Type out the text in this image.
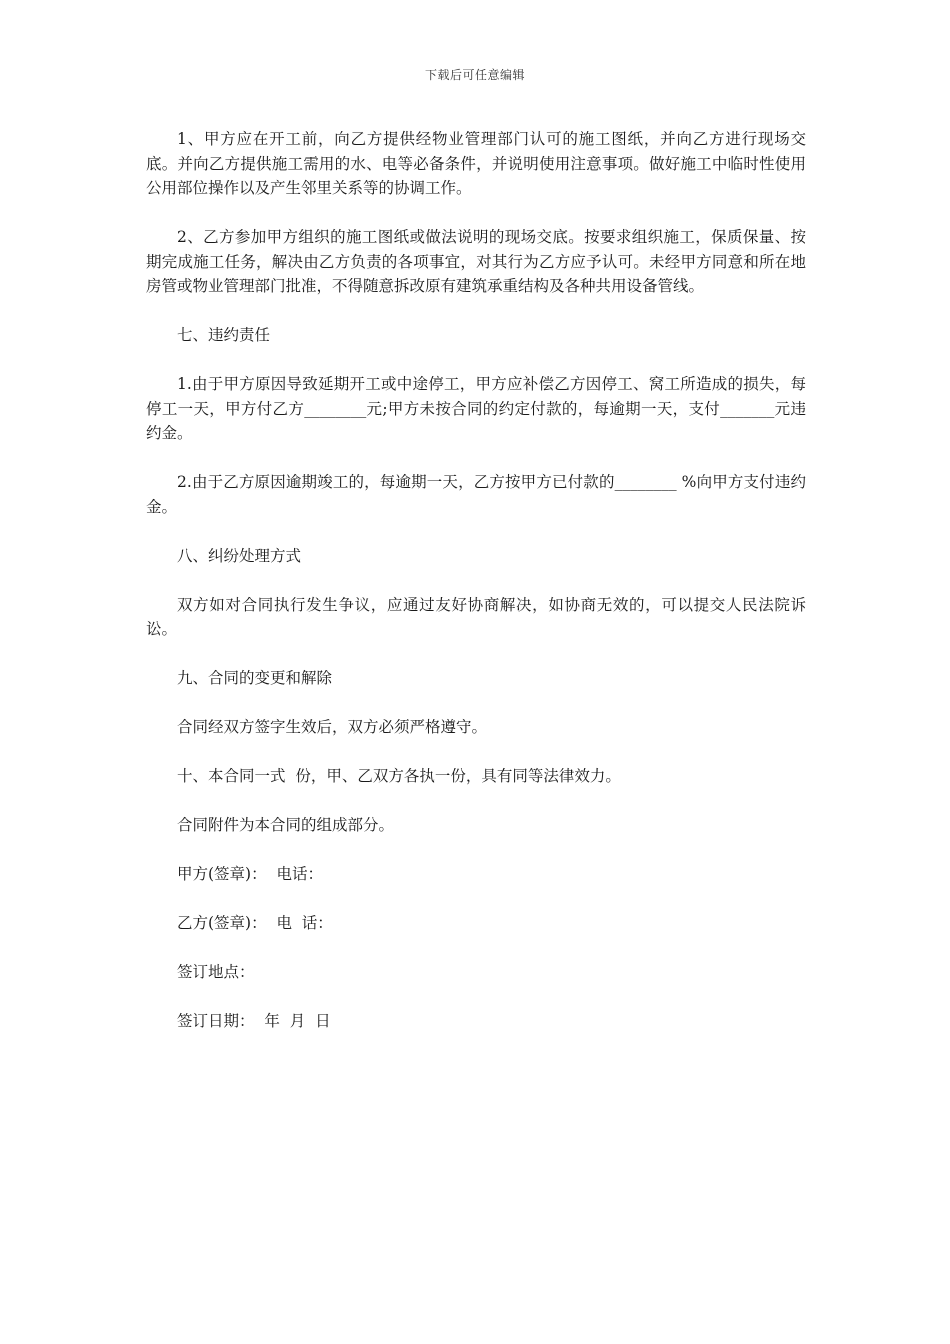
下载后可任意编辑

1、甲方应在开工前，向乙方提供经物业管理部门认可的施工图纸，并向乙方进行现场交底。并向乙方提供施工需用的水、电等必备条件，并说明使用注意事项。做好施工中临时性使用公用部位操作以及产生邻里关系等的协调工作。

2、乙方参加甲方组织的施工图纸或做法说明的现场交底。按要求组织施工，保质保量、按期完成施工任务，解决由乙方负责的各项事宜，对其行为乙方应予认可。未经甲方同意和所在地房管或物业管理部门批准，不得随意拆改原有建筑承重结构及各种共用设备管线。

七、违约责任

1.由于甲方原因导致延期开工或中途停工，甲方应补偿乙方因停工、窝工所造成的损失，每停工一天，甲方付乙方________元;甲方未按合同的约定付款的，每逾期一天，支付_______元违约金。

2.由于乙方原因逾期竣工的，每逾期一天，乙方按甲方已付款的________ %向甲方支付违约金。

八、纠纷处理方式

双方如对合同执行发生争议，应通过友好协商解决，如协商无效的，可以提交人民法院诉讼。

九、合同的变更和解除

合同经双方签字生效后，双方必须严格遵守。

十、本合同一式  份，甲、乙双方各执一份，具有同等法律效力。

合同附件为本合同的组成部分。

甲方(签章)：  电话：

乙方(签章)：  电  话：

签订地点：

签订日期：  年  月  日
